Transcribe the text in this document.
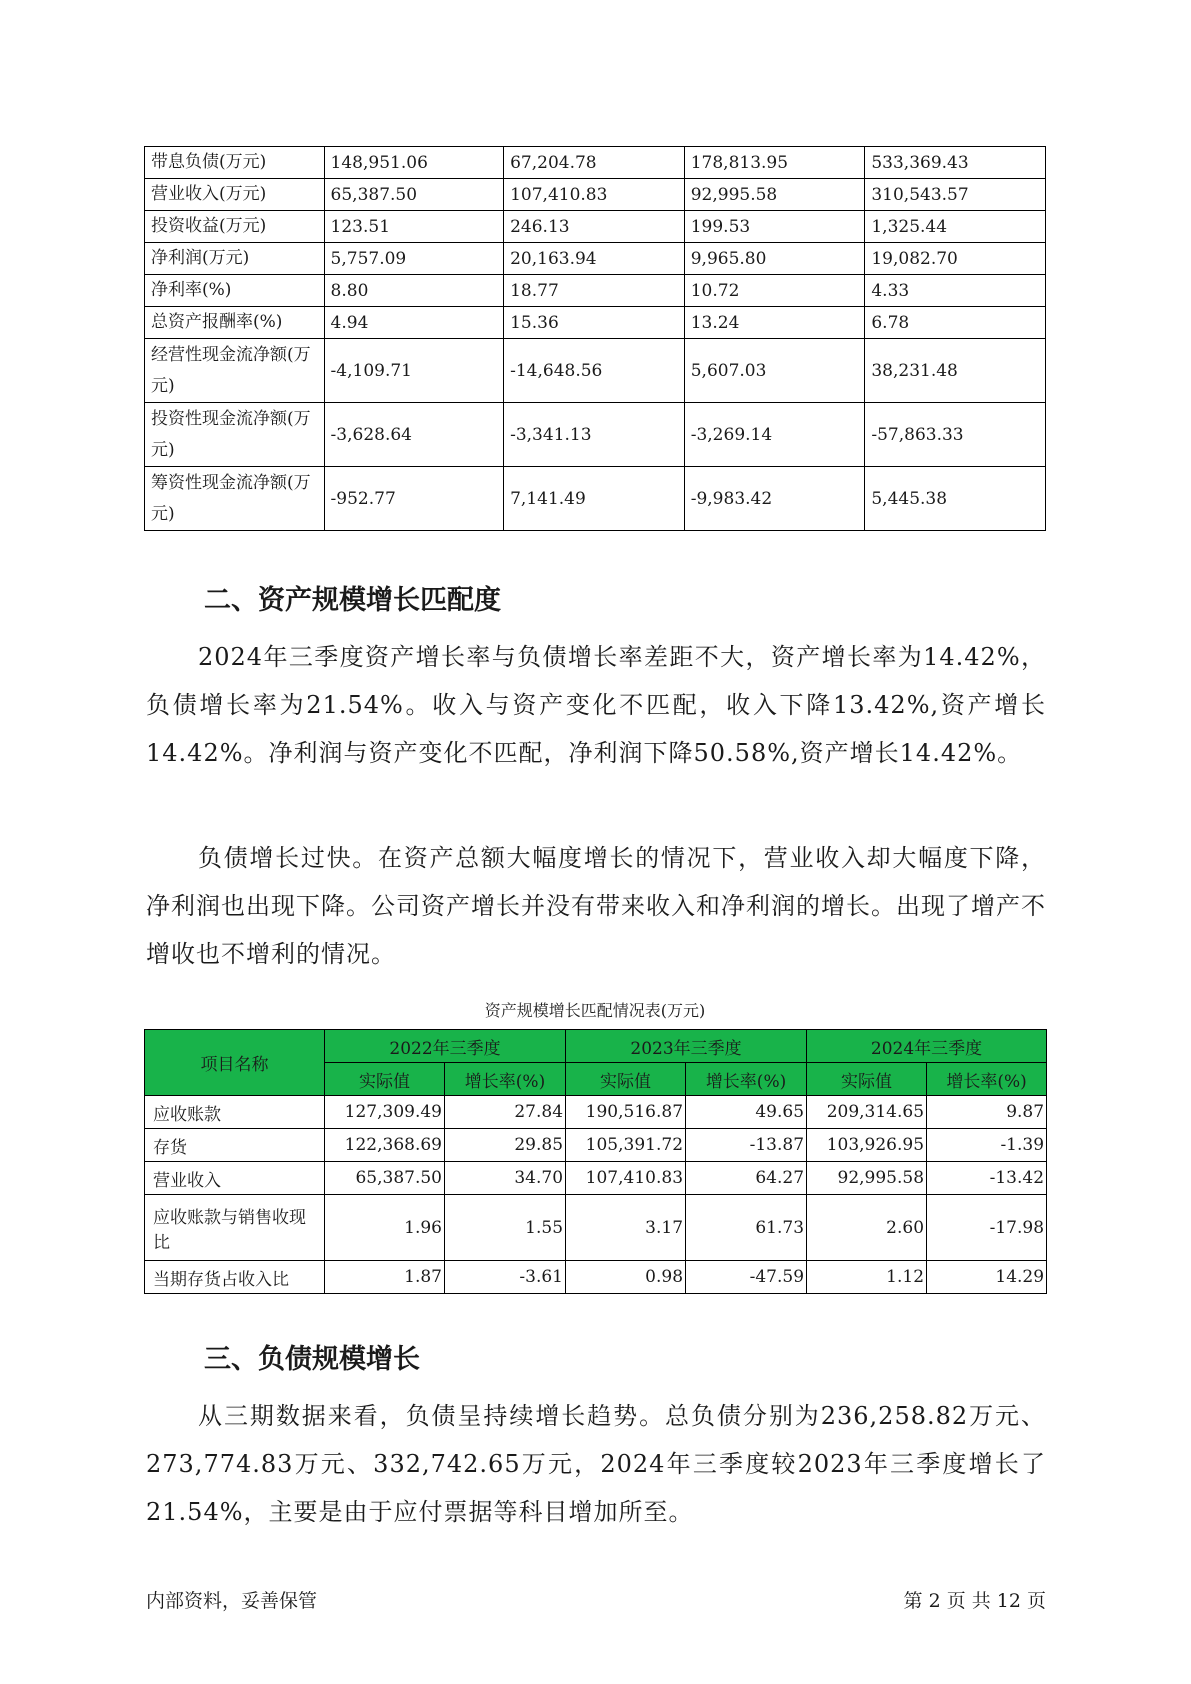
带息负债(万元)	148,951.06	67,204.78	178,813.95	533,369.43
营业收入(万元)	65,387.50	107,410.83	92,995.58	310,543.57
投资收益(万元)	123.51	246.13	199.53	1,325.44
净利润(万元)	5,757.09	20,163.94	9,965.80	19,082.70
净利率(%)	8.80	18.77	10.72	4.33
总资产报酬率(%)	4.94	15.36	13.24	6.78
经营性现金流净额(万元)	-4,109.71	-14,648.56	5,607.03	38,231.48
投资性现金流净额(万元)	-3,628.64	-3,341.13	-3,269.14	-57,863.33
筹资性现金流净额(万元)	-952.77	7,141.49	-9,983.42	5,445.38
二、资产规模增长匹配度

2024年三季度资产增长率与负债增长率差距不大，资产增长率为14.42%，负债增长率为21.54%。收入与资产变化不匹配，收入下降13.42%,资产增长14.42%。净利润与资产变化不匹配，净利润下降50.58%,资产增长14.42%。

负债增长过快。在资产总额大幅度增长的情况下，营业收入却大幅度下降，净利润也出现下降。公司资产增长并没有带来收入和净利润的增长。出现了增产不增收也不增利的情况。

资产规模增长匹配情况表(万元)

项目名称	2022年三季度		2023年三季度		2024年三季度	
	实际值	增长率(%)	实际值	增长率(%)	实际值	增长率(%)
应收账款	127,309.49	27.84	190,516.87	49.65	209,314.65	9.87
存货	122,368.69	29.85	105,391.72	-13.87	103,926.95	-1.39
营业收入	65,387.50	34.70	107,410.83	64.27	92,995.58	-13.42
应收账款与销售收现比	1.96	1.55	3.17	61.73	2.60	-17.98
当期存货占收入比	1.87	-3.61	0.98	-47.59	1.12	14.29
三、负债规模增长

从三期数据来看，负债呈持续增长趋势。总负债分别为236,258.82万元、273,774.83万元、332,742.65万元，2024年三季度较2023年三季度增长了21.54%，主要是由于应付票据等科目增加所至。

内部资料，妥善保管	第 2 页 共 12 页
